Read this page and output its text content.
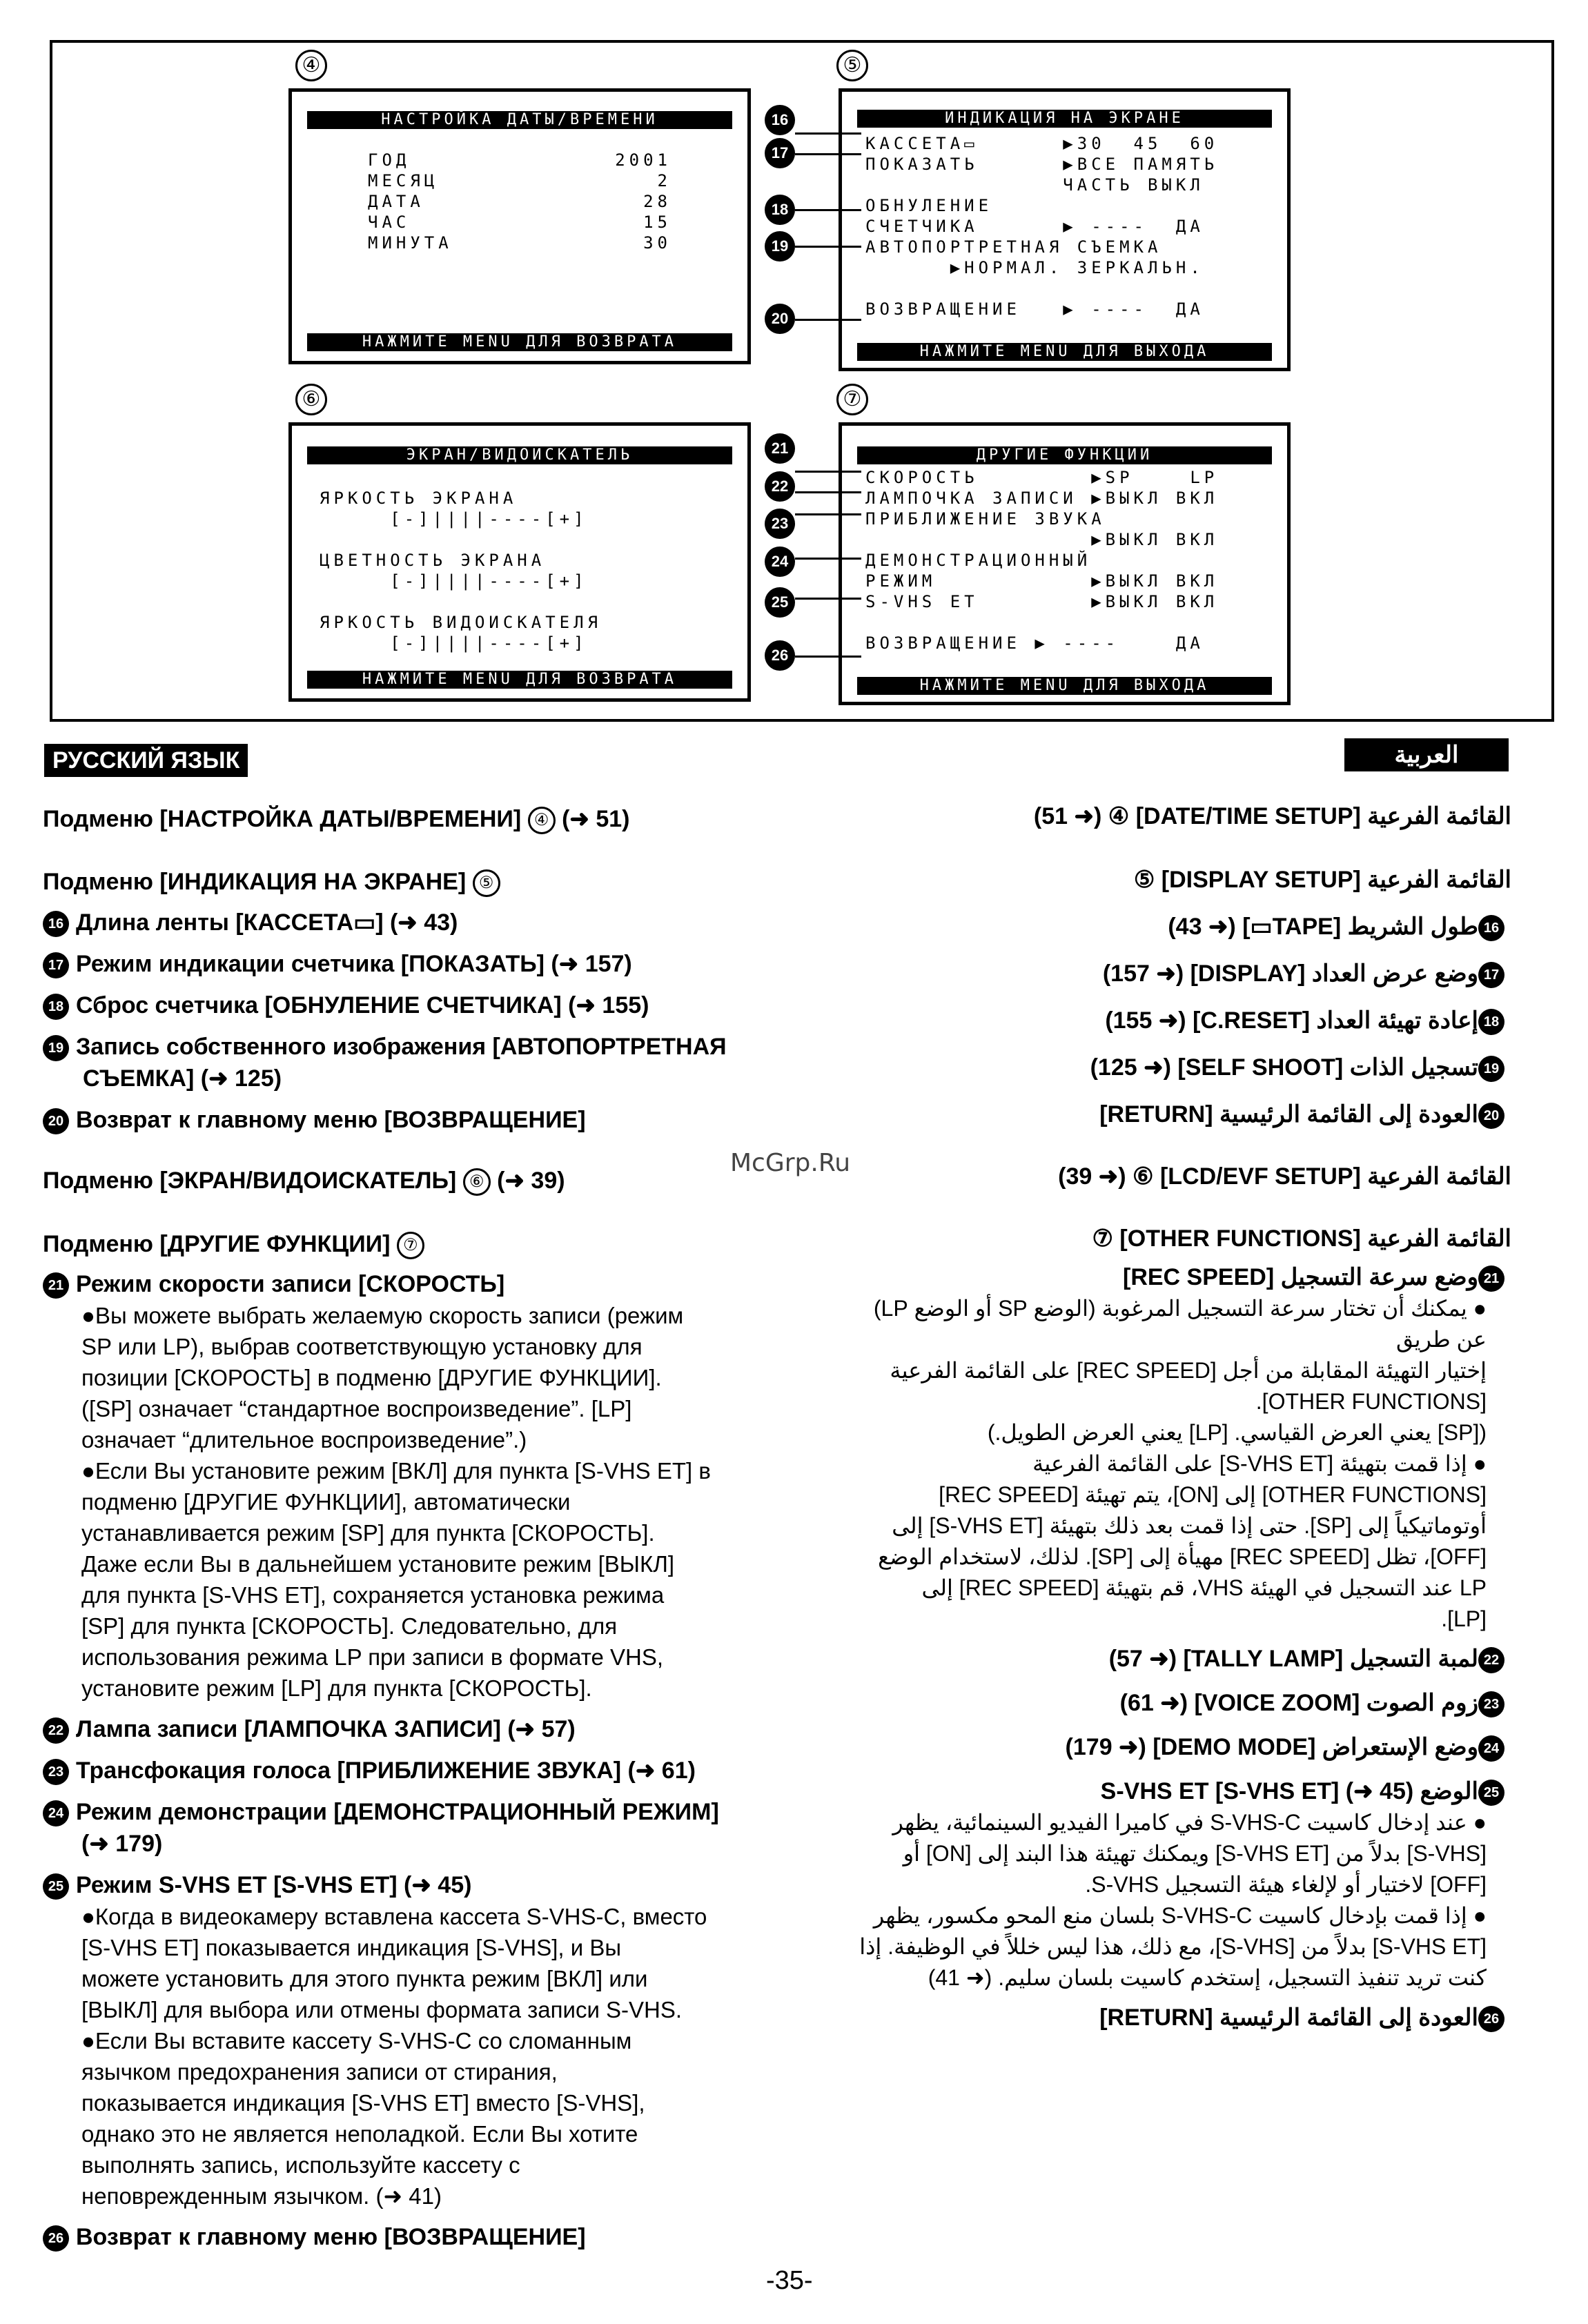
④
НАСТРОЙКА ДАТЫ/ВРЕМЕНИ
ГОД	2001
МЕСЯЦ	2
ДАТА	28
ЧАС	15
МИНУТА	30
НАЖМИТЕ MENU ДЛЯ ВОЗВРАТА
⑤
ИНДИКАЦИЯ НА ЭКРАНЕ
КАССЕТА▭      ▶30  45  60
ПОКАЗАТЬ      ▶ВСЕ ПАМЯТЬ
ЧАСТЬ ВЫКЛ
ОБНУЛЕНИЕ
СЧЕТЧИКА      ▶ ----  ДА
АВТОПОРТРЕТНАЯ СЪЕМКА
▶НОРМАЛ. ЗЕРКАЛЬН.

ВОЗВРАЩЕНИЕ   ▶ ----  ДА
НАЖМИТЕ MENU ДЛЯ ВЫХОДА
16
17
18
19
20
⑥
ЭКРАН/ВИДОИСКАТЕЛЬ
ЯРКОСТЬ ЭКРАНА
[-]||||----[+]

ЦВЕТНОСТЬ ЭКРАНА
[-]||||----[+]

ЯРКОСТЬ ВИДОИСКАТЕЛЯ
[-]||||----[+]
НАЖМИТЕ MENU ДЛЯ ВОЗВРАТА
⑦
ДРУГИЕ ФУНКЦИИ
СКОРОСТЬ        ▶SP    LP
ЛАМПОЧКА ЗАПИСИ ▶ВЫКЛ ВКЛ
ПРИБЛИЖЕНИЕ ЗВУКА
▶ВЫКЛ ВКЛ
ДЕМОНСТРАЦИОННЫЙ
РЕЖИМ           ▶ВЫКЛ ВКЛ
S-VHS ET        ▶ВЫКЛ ВКЛ

ВОЗВРАЩЕНИЕ ▶ ----    ДА
НАЖМИТЕ MENU ДЛЯ ВЫХОДА
21
22
23
24
25
26
РУССКИЙ ЯЗЫК	العربية
Подменю [НАСТРОЙКА ДАТЫ/ВРЕМЕНИ] ④ (➜ 51)
Подменю [ИНДИКАЦИЯ НА ЭКРАНЕ] ⑤
16 Длина ленты [КАССЕТА▭] (➜ 43)
17 Режим индикации счетчика [ПОКАЗАТЬ] (➜ 157)
18 Сброс счетчика [ОБНУЛЕНИЕ СЧЕТЧИКА] (➜ 155)
19 Запись собственного изображения [АВТОПОРТРЕТНАЯ
СЪЕМКА] (➜ 125)
20 Возврат к главному меню [ВОЗВРАЩЕНИЕ]
Подменю [ЭКРАН/ВИДОИСКАТЕЛЬ] ⑥ (➜ 39)
Подменю [ДРУГИЕ ФУНКЦИИ] ⑦
21 Режим скорости записи [СКОРОСТЬ]
●Вы можете выбрать желаемую скорость записи (режим
SP или LP), выбрав соответствующую установку для
позиции [СКОРОСТЬ] в подменю [ДРУГИЕ ФУНКЦИИ].
([SP] означает “стандартное воспроизведение”. [LP]
означает “длительное воспроизведение”.)
●Если Вы установите режим [ВКЛ] для пункта [S-VHS ET] в
подменю [ДРУГИЕ ФУНКЦИИ], автоматически
устанавливается режим [SP] для пункта [СКОРОСТЬ].
Даже если Вы в дальнейшем установите режим [ВЫКЛ]
для пункта [S-VHS ET], сохраняется установка режима
[SP] для пункта [СКОРОСТЬ]. Следовательно, для
использования режима LP при записи в формате VHS,
установите режим [LP] для пункта [СКОРОСТЬ].
22 Лампа записи [ЛАМПОЧКА ЗАПИСИ] (➜ 57)
23 Трансфокация голоса [ПРИБЛИЖЕНИЕ ЗВУКА] (➜ 61)
24 Режим демонстрации [ДЕМОНСТРАЦИОННЫЙ РЕЖИМ]
(➜ 179)
25 Режим S-VHS ET [S-VHS ET] (➜ 45)
●Когда в видеокамеру вставлена кассета S-VHS-C, вместо
[S-VHS ET] показывается индикация [S-VHS], и Вы
можете установить для этого пункта режим [ВКЛ] или
[ВЫКЛ] для выбора или отмены формата записи S-VHS.
●Если Вы вставите кассету S-VHS-C со сломанным
язычком предохранения записи от стирания,
показывается индикация [S-VHS ET] вместо [S-VHS],
однако это не является неполадкой. Если Вы хотите
выполнять запись, используйте кассету с
неповрежденным язычком. (➜ 41)
26 Возврат к главному меню [ВОЗВРАЩЕНИЕ]
القائمة الفرعية [DATE/TIME SETUP] ④ (➜ 51)
القائمة الفرعية [DISPLAY SETUP] ⑤
16طول الشريط [TAPE▭] (➜ 43)
17وضع عرض العداد [DISPLAY] (➜ 157)
18إعادة تهيئة العداد [C.RESET] (➜ 155)
19تسجيل الذات [SELF SHOOT] (➜ 125)
20العودة إلى القائمة الرئيسية [RETURN]
القائمة الفرعية [LCD/EVF SETUP] ⑥ (➜ 39)
القائمة الفرعية [OTHER FUNCTIONS] ⑦
21وضع سرعة التسجيل [REC SPEED]
● يمكنك أن تختار سرعة التسجيل المرغوبة (الوضع SP أو الوضع LP) عن طريق
إختيار التهيئة المقابلة من أجل [REC SPEED] على القائمة الفرعية
[OTHER FUNCTIONS].
([SP] يعني العرض القياسي. [LP] يعني العرض الطويل.)
● إذا قمت بتهيئة [S-VHS ET] على القائمة الفرعية
[OTHER FUNCTIONS] إلى [ON]، يتم تهيئة [REC SPEED]
أوتوماتيكياً إلى [SP]. حتى إذا قمت بعد ذلك بتهيئة [S-VHS ET] إلى
[OFF]، تظل [REC SPEED] مهيأة إلى [SP]. لذلك، لاستخدام الوضع
LP عند التسجيل في الهيئة VHS، قم بتهيئة [REC SPEED] إلى
[LP].
22لمبة التسجيل [TALLY LAMP] (➜ 57)
23زوم الصوت [VOICE ZOOM] (➜ 61)
24وضع الإستعراض [DEMO MODE] (➜ 179)
25الوضع S-VHS ET [S-VHS ET] (➜ 45)
● عند إدخال كاسيت S-VHS-C في كاميرا الفيديو السينمائية، يظهر
[S-VHS] بدلاً من [S-VHS ET] ويمكنك تهيئة هذا البند إلى [ON] أو
[OFF] لاختيار أو لإلغاء هيئة التسجيل S-VHS.
● إذا قمت بإدخال كاسيت S-VHS-C بلسان منع المحو مكسور، يظهر
[S-VHS ET] بدلاً من [S-VHS]، مع ذلك، هذا ليس خللاً في الوظيفة. إذا
كنت تريد تنفيذ التسجيل، إستخدم كاسيت بلسان سليم. (➜ 41)
26العودة إلى القائمة الرئيسية [RETURN]
McGrp.Ru
-35-
